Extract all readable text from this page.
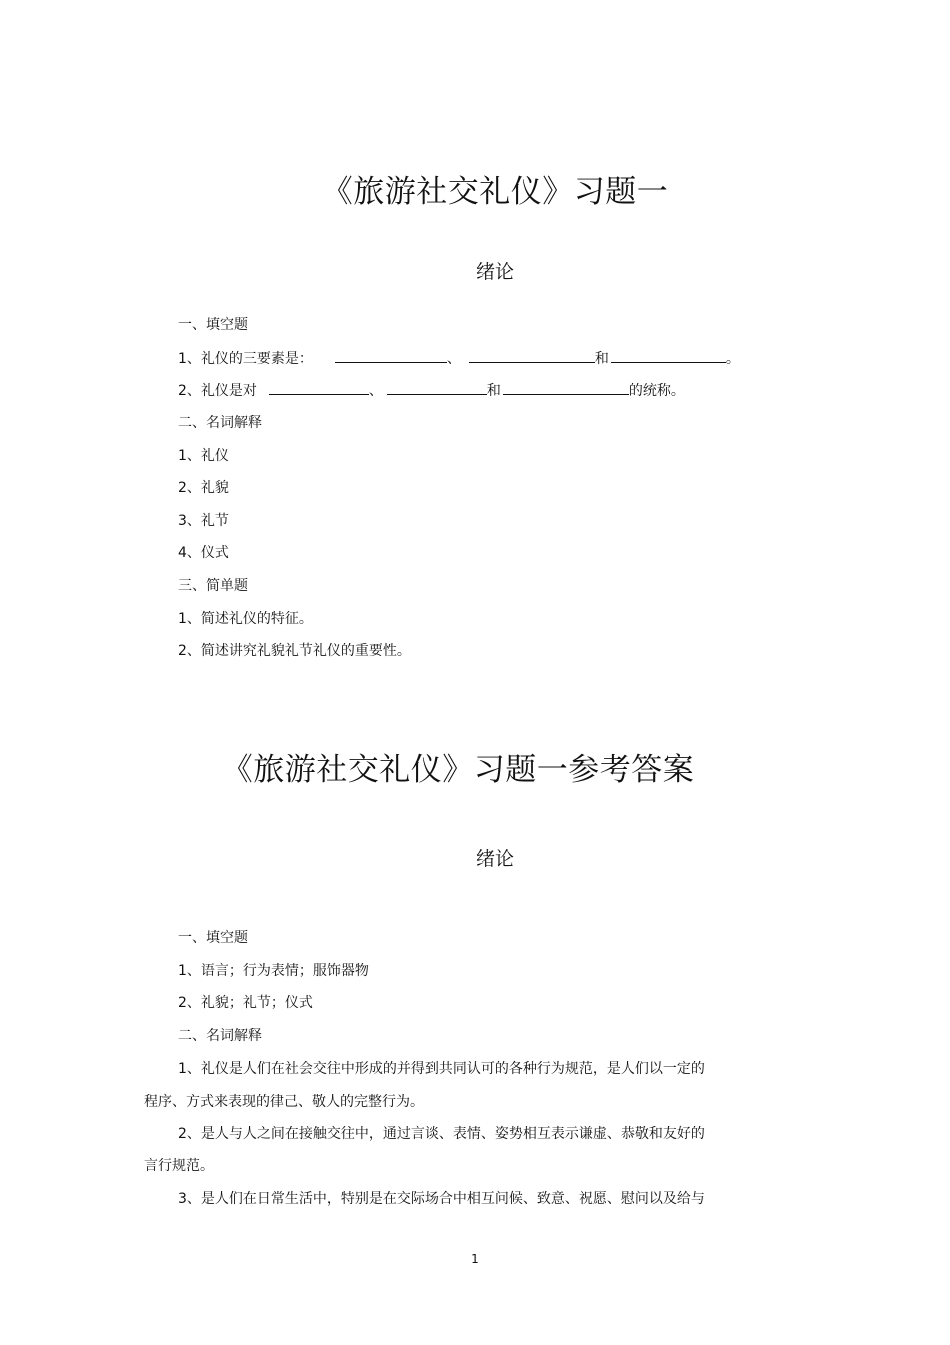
《旅游社交礼仪》习题一
绪论
一、填空题
1、礼仪的三要素是：	、	和	。
2、礼仪是对	、	和	的统称。
二、名词解释
1、礼仪
2、礼貌
3、礼节
4、仪式
三、简单题
1、简述礼仪的特征。
2、简述讲究礼貌礼节礼仪的重要性。
《旅游社交礼仪》习题一参考答案
绪论
一、填空题
1、语言；行为表情；服饰器物
2、礼貌；礼节；仪式
二、名词解释
1、礼仪是人们在社会交往中形成的并得到共同认可的各种行为规范，是人们以一定的
程序、方式来表现的律己、敬人的完整行为。
2、是人与人之间在接触交往中，通过言谈、表情、姿势相互表示谦虚、恭敬和友好的
言行规范。
3、是人们在日常生活中，特别是在交际场合中相互问候、致意、祝愿、慰问以及给与
1
